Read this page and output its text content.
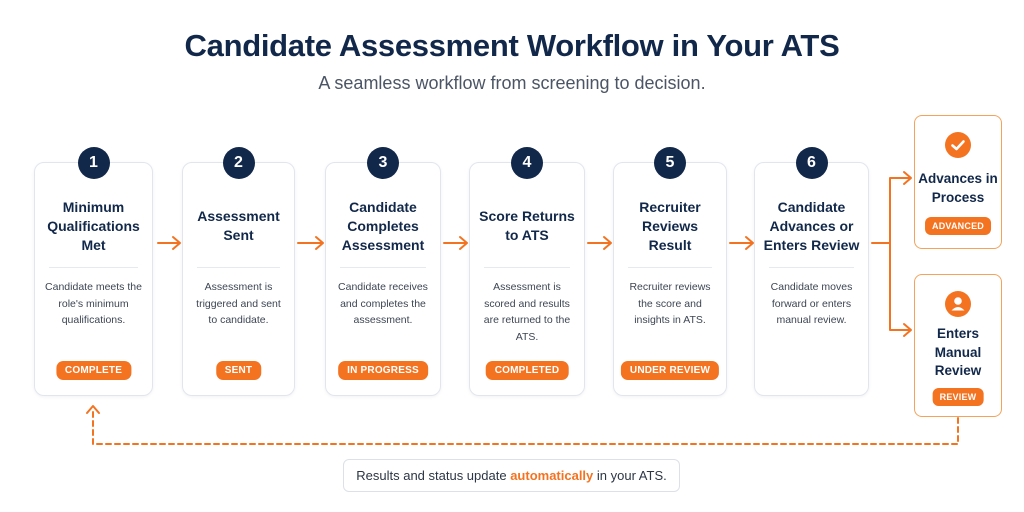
Candidate Assessment Workflow in Your ATS
A seamless workflow from screening to decision.
1
Minimum Qualifications Met
Candidate meets the role's minimum qualifications.
COMPLETE
2
Assessment Sent
Assessment is triggered and sent to candidate.
SENT
3
Candidate Completes Assessment
Candidate receives and completes the assessment.
IN PROGRESS
4
Score Returns to ATS
Assessment is scored and results are returned to the ATS.
COMPLETED
5
Recruiter Reviews Result
Recruiter reviews the score and insights in ATS.
UNDER REVIEW
6
Candidate Advances or Enters Review
Candidate moves forward or enters manual review.
Advances in Process
ADVANCED
Enters Manual Review
REVIEW
Results and status update automatically in your ATS.
